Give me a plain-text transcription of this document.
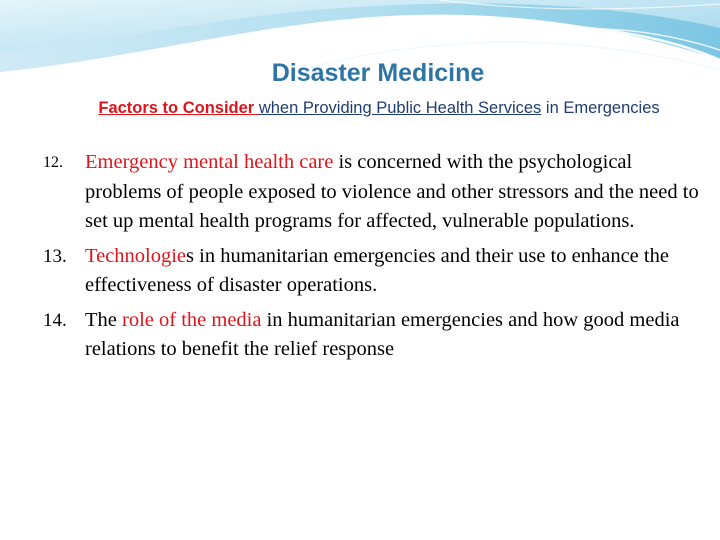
Disaster Medicine

Factors to Consider when Providing Public Health Services in Emergencies

12. Emergency mental health care is concerned with the psychological problems of people exposed to violence and other stressors and the need to set up mental health programs for affected, vulnerable populations.
13. Technologies in humanitarian emergencies and their use to enhance the effectiveness of disaster operations.
14. The role of the media in humanitarian emergencies and how good media relations to benefit the relief response
